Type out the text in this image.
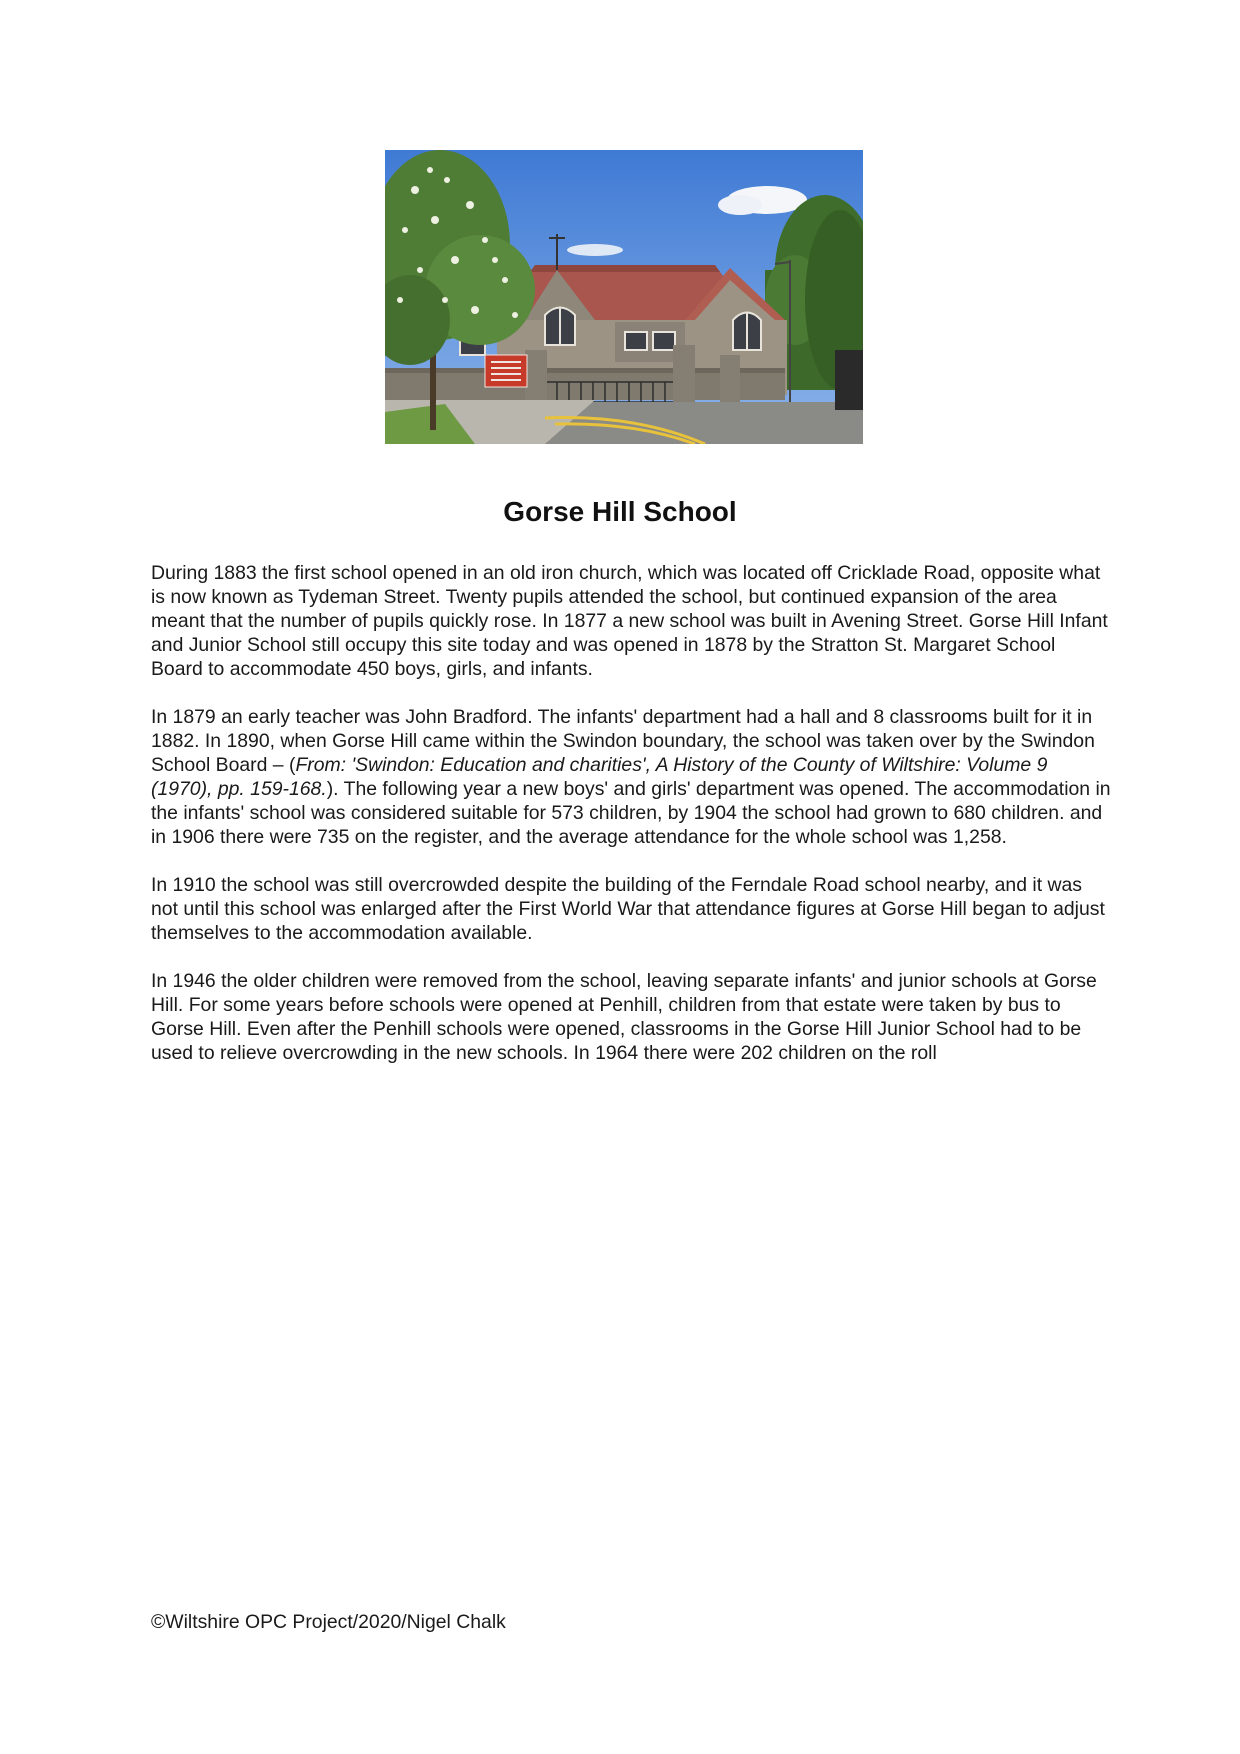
Gorse Hill School

During 1883 the first school opened in an old iron church, which was located off Cricklade Road, opposite what is now known as Tydeman Street. Twenty pupils attended the school, but continued expansion of the area meant that the number of pupils quickly rose. In 1877 a new school was built in Avening Street. Gorse Hill Infant and Junior School still occupy this site today and was opened in 1878 by the Stratton St. Margaret School Board to accommodate 450 boys, girls, and infants.

In 1879 an early teacher was John Bradford. The infants' department had a hall and 8 classrooms built for it in 1882. In 1890, when Gorse Hill came within the Swindon boundary, the school was taken over by the Swindon School Board – (From: 'Swindon: Education and charities', A History of the County of Wiltshire: Volume 9 (1970), pp. 159-168.). The following year a new boys' and girls' department was opened. The accommodation in the infants' school was considered suitable for 573 children, by 1904 the school had grown to 680 children. and in 1906 there were 735 on the register, and the average attendance for the whole school was 1,258.

In 1910 the school was still overcrowded despite the building of the Ferndale Road school nearby, and it was not until this school was enlarged after the First World War that attendance figures at Gorse Hill began to adjust themselves to the accommodation available.

In 1946 the older children were removed from the school, leaving separate infants' and junior schools at Gorse Hill. For some years before schools were opened at Penhill, children from that estate were taken by bus to Gorse Hill. Even after the Penhill schools were opened, classrooms in the Gorse Hill Junior School had to be used to relieve overcrowding in the new schools. In 1964 there were 202 children on the roll

©Wiltshire OPC Project/2020/Nigel Chalk
